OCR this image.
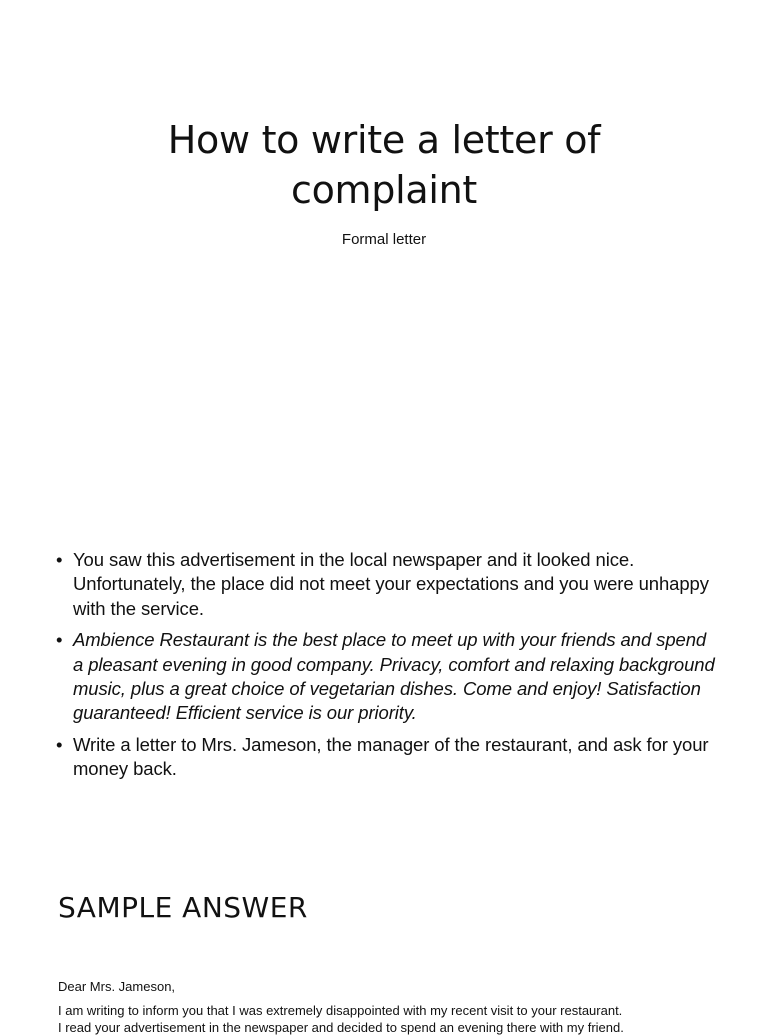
How to write a letter of complaint
Formal letter
• You saw this advertisement in the local newspaper and it looked nice. Unfortunately, the place did not meet your expectations and you were unhappy with the service.
• Ambience Restaurant is the best place to meet up with your friends and spend a pleasant evening in good company. Privacy, comfort and relaxing background music, plus a great choice of vegetarian dishes. Come and enjoy! Satisfaction guaranteed! Efficient service is our priority.
• Write a letter to Mrs. Jameson, the manager of the restaurant, and ask for your money back.
SAMPLE ANSWER

Dear Mrs. Jameson,

I am writing to inform you that I was extremely disappointed with my recent visit to your restaurant.

I read your advertisement in the newspaper and decided to spend an evening there with my friend.
